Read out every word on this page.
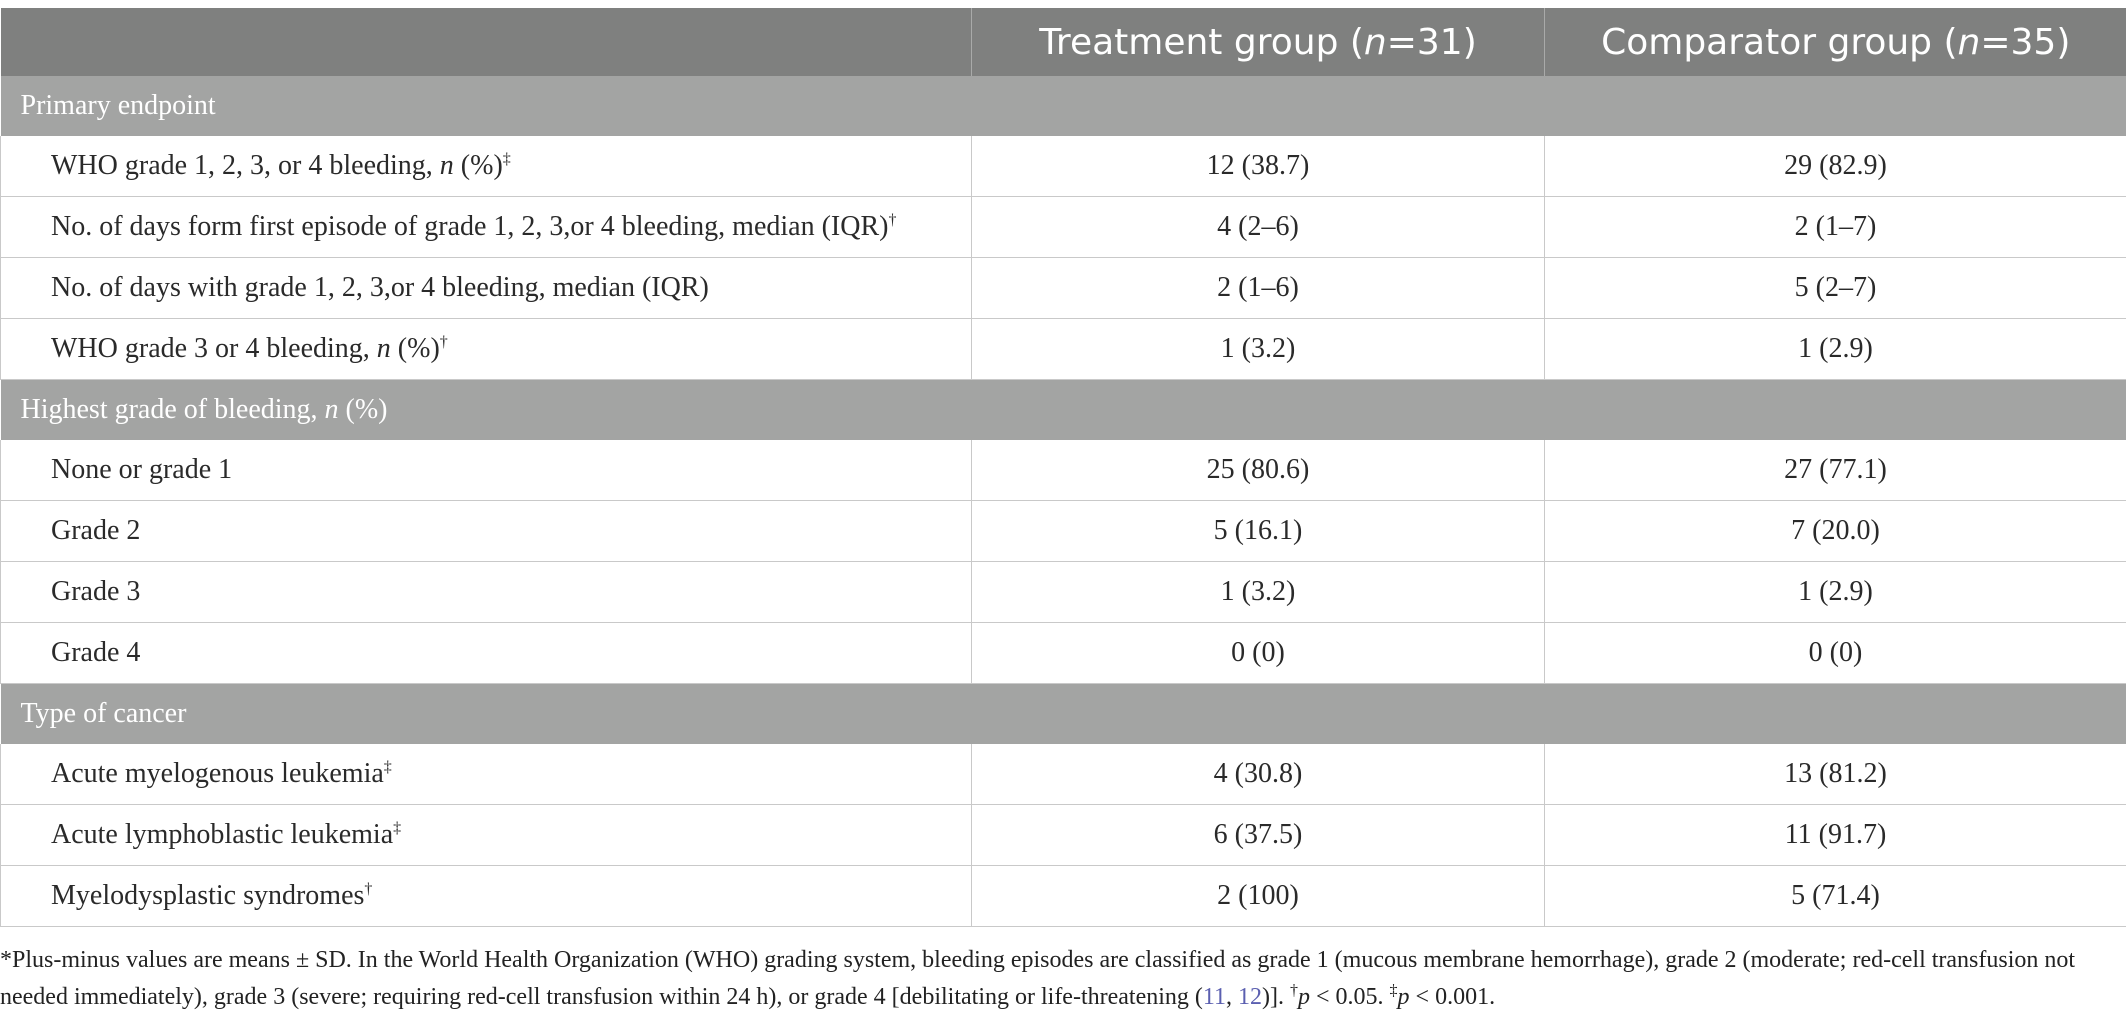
	Treatment group (n=31)	Comparator group (n=35)
Primary endpoint		
WHO grade 1, 2, 3, or 4 bleeding, n (%)‡	12 (38.7)	29 (82.9)
No. of days form first episode of grade 1, 2, 3,or 4 bleeding, median (IQR)†	4 (2–6)	2 (1–7)
No. of days with grade 1, 2, 3,or 4 bleeding, median (IQR)	2 (1–6)	5 (2–7)
WHO grade 3 or 4 bleeding, n (%)†	1 (3.2)	1 (2.9)
Highest grade of bleeding, n (%)		
None or grade 1	25 (80.6)	27 (77.1)
Grade 2	5 (16.1)	7 (20.0)
Grade 3	1 (3.2)	1 (2.9)
Grade 4	0 (0)	0 (0)
Type of cancer		
Acute myelogenous leukemia‡	4 (30.8)	13 (81.2)
Acute lymphoblastic leukemia‡	6 (37.5)	11 (91.7)
Myelodysplastic syndromes†	2 (100)	5 (71.4)
*Plus-minus values are means ± SD. In the World Health Organization (WHO) grading system, bleeding episodes are classified as grade 1 (mucous membrane hemorrhage), grade 2 (moderate; red-cell transfusion not needed immediately), grade 3 (severe; requiring red-cell transfusion within 24 h), or grade 4 [debilitating or life-threatening (11, 12)]. †p < 0.05. ‡p < 0.001.
